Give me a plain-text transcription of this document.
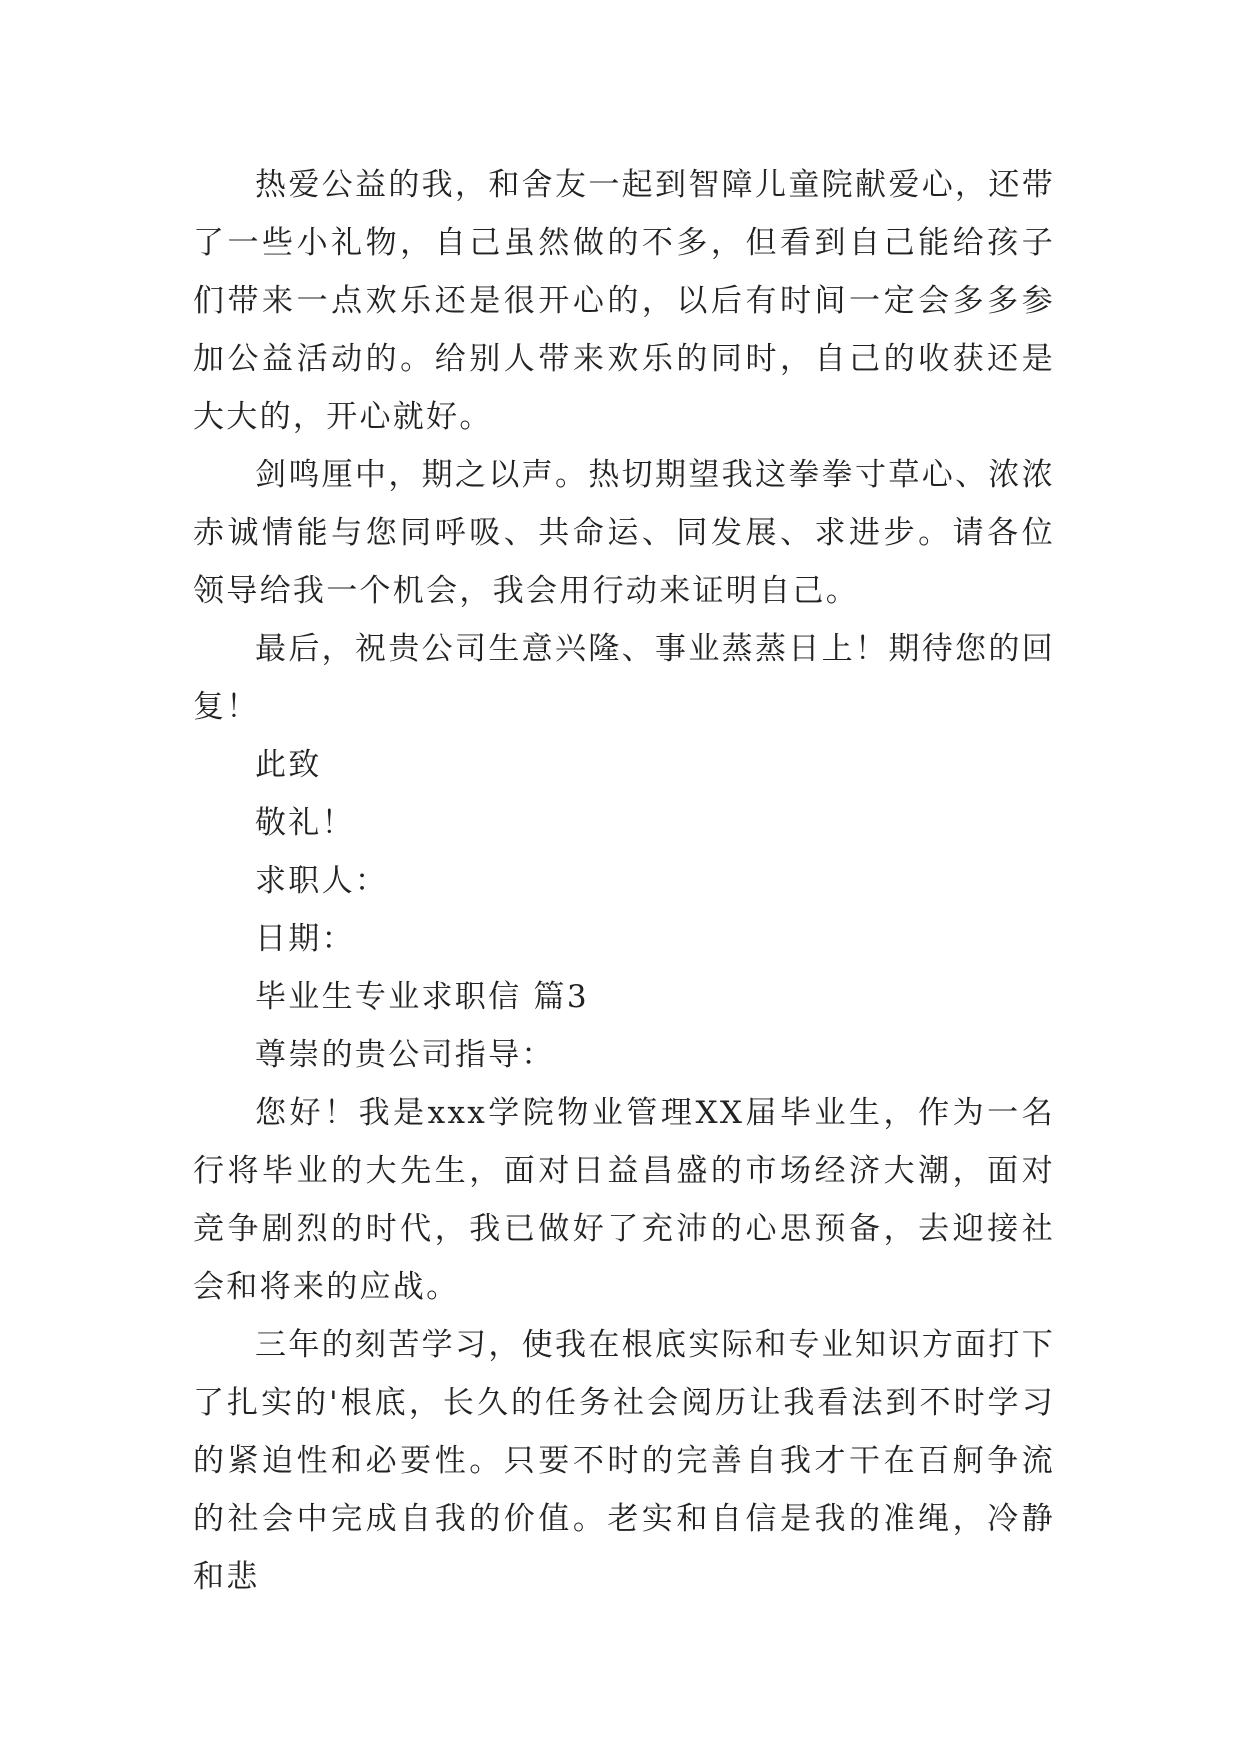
热爱公益的我，和舍友一起到智障儿童院献爱心，还带了一些小礼物，自己虽然做的不多，但看到自己能给孩子们带来一点欢乐还是很开心的，以后有时间一定会多多参加公益活动的。给别人带来欢乐的同时，自己的收获还是大大的，开心就好。

剑鸣厘中，期之以声。热切期望我这拳拳寸草心、浓浓赤诚情能与您同呼吸、共命运、同发展、求进步。请各位领导给我一个机会，我会用行动来证明自己。

最后，祝贵公司生意兴隆、事业蒸蒸日上！期待您的回复！

此致

敬礼！

求职人：

日期：

毕业生专业求职信 篇3

尊崇的贵公司指导：

您好！我是xxx学院物业管理XX届毕业生，作为一名行将毕业的大先生，面对日益昌盛的市场经济大潮，面对竞争剧烈的时代，我已做好了充沛的心思预备，去迎接社会和将来的应战。

三年的刻苦学习，使我在根底实际和专业知识方面打下了扎实的'根底，长久的任务社会阅历让我看法到不时学习的紧迫性和必要性。只要不时的完善自我才干在百舸争流的社会中完成自我的价值。老实和自信是我的准绳，冷静和悲
